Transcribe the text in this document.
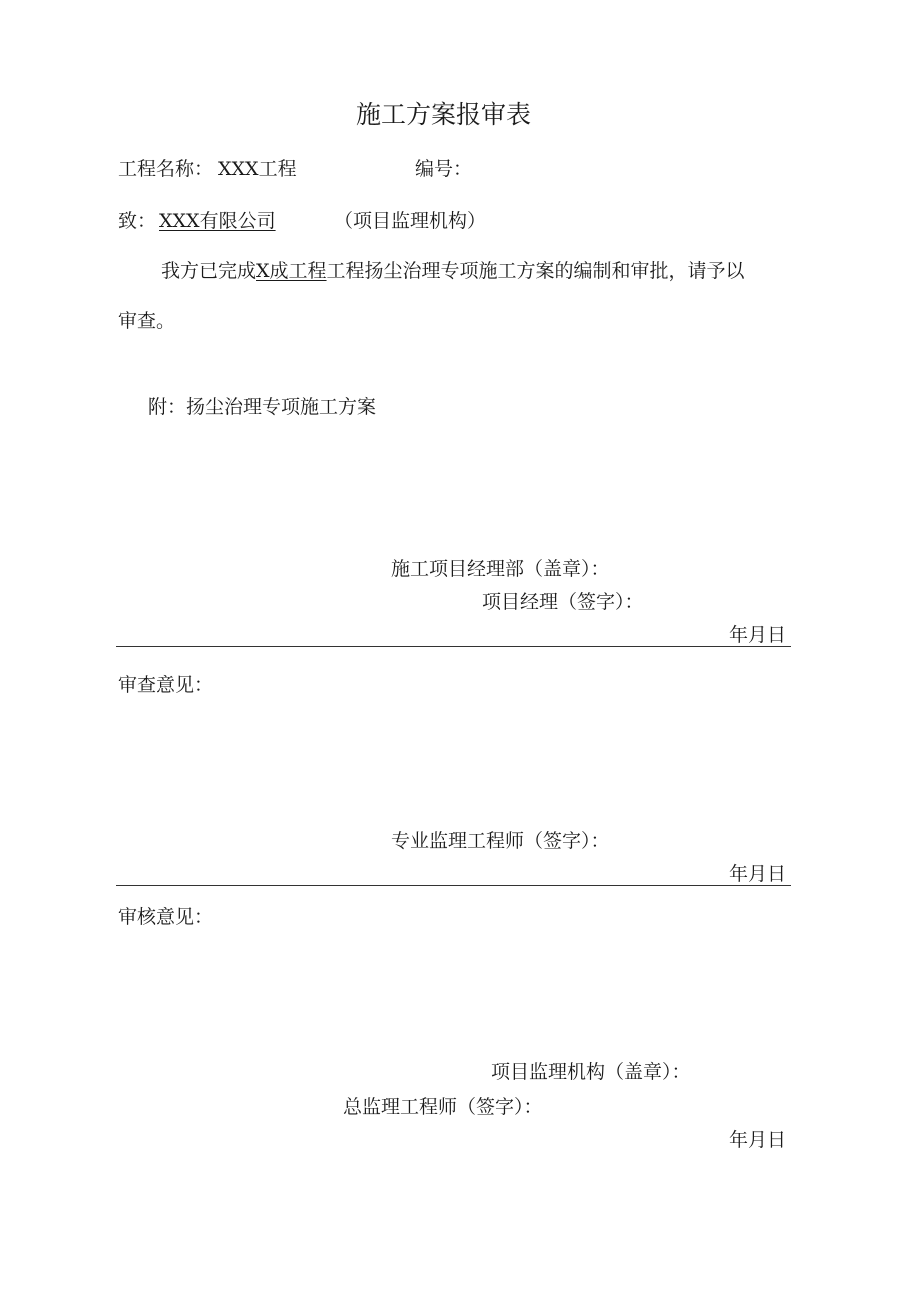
施工方案报审表
工程名称： XXX工程	编号：
致： XXX有限公司	（项目监理机构）
我方已完成X成工程工程扬尘治理专项施工方案的编制和审批，请予以
审查。
附：扬尘治理专项施工方案
施工项目经理部（盖章）：
项目经理（签字）：
年月日
审查意见：
专业监理工程师（签字）：
年月日
审核意见：
项目监理机构（盖章）：
总监理工程师（签字）：
年月日
